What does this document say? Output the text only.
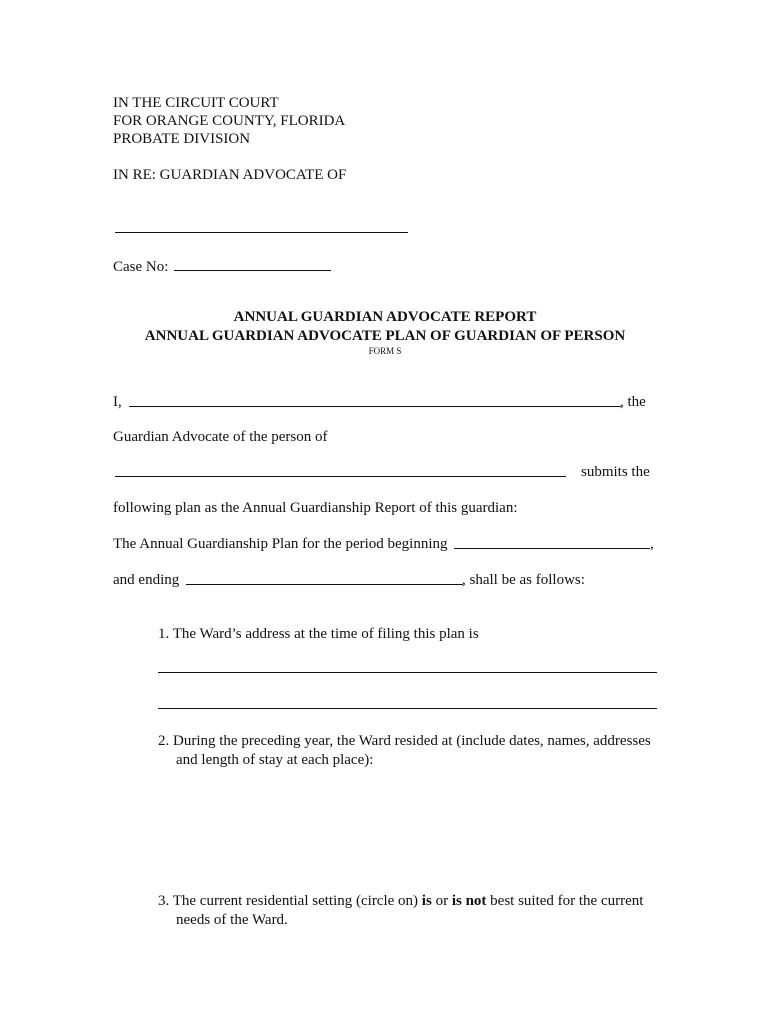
IN THE CIRCUIT COURT
FOR ORANGE COUNTY, FLORIDA
PROBATE DIVISION
IN RE: GUARDIAN ADVOCATE OF
Case No:
ANNUAL GUARDIAN ADVOCATE REPORT
ANNUAL GUARDIAN ADVOCATE PLAN OF GUARDIAN OF PERSON
FORM S
I,	, the
Guardian Advocate of the person of
submits the
following plan as the Annual Guardianship Report of this guardian:
The Annual Guardianship Plan for the period beginning	,
and ending	, shall be as follows:
1. The Ward’s address at the time of filing this plan is
2. During the preceding year, the Ward resided at (include dates, names, addresses
and length of stay at each place):
3. The current residential setting (circle on) is or is not best suited for the current
needs of the Ward.
